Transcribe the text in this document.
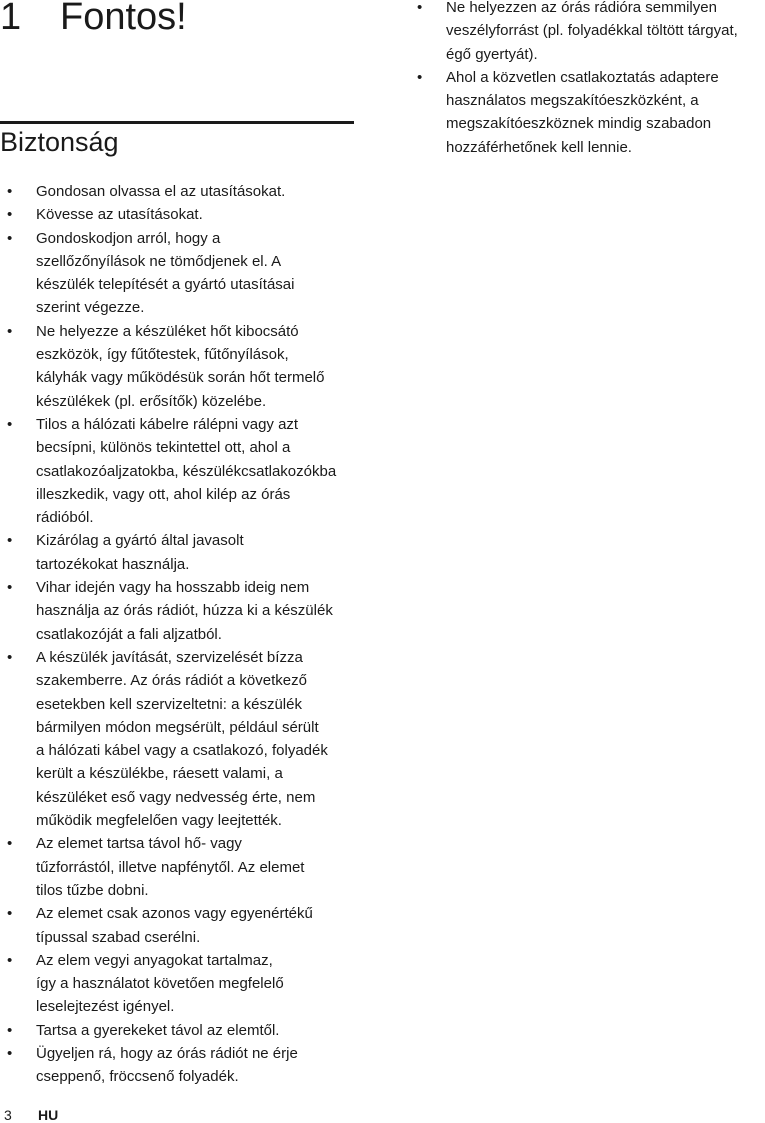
1 Fontos!
Biztonság
• Gondosan olvassa el az utasításokat.
• Kövesse az utasításokat.
• Gondoskodjon arról, hogy a
szellőzőnyílások ne tömődjenek el. A
készülék telepítését a gyártó utasításai
szerint végezze.
• Ne helyezze a készüléket hőt kibocsátó
eszközök, így fűtőtestek, fűtőnyílások,
kályhák vagy működésük során hőt termelő
készülékek (pl. erősítők) közelébe.
• Tilos a hálózati kábelre rálépni vagy azt
becsípni, különös tekintettel ott, ahol a
csatlakozóaljzatokba, készülékcsatlakozókba
illeszkedik, vagy ott, ahol kilép az órás
rádióból.
• Kizárólag a gyártó által javasolt
tartozékokat használja.
• Vihar idején vagy ha hosszabb ideig nem
használja az órás rádiót, húzza ki a készülék
csatlakozóját a fali aljzatból.
• A készülék javítását, szervizelését bízza
szakemberre. Az órás rádiót a következő
esetekben kell szervizeltetni: a készülék
bármilyen módon megsérült, például sérült
a hálózati kábel vagy a csatlakozó, folyadék
került a készülékbe, ráesett valami, a
készüléket eső vagy nedvesség érte, nem
működik megfelelően vagy leejtették.
• Az elemet tartsa távol hő- vagy
tűzforrástól, illetve napfénytől. Az elemet
tilos tűzbe dobni.
• Az elemet csak azonos vagy egyenértékű
típussal szabad cserélni.
• Az elem vegyi anyagokat tartalmaz,
így a használatot követően megfelelő
leselejtezést igényel.
• Tartsa a gyerekeket távol az elemtől.
• Ügyeljen rá, hogy az órás rádiót ne érje
cseppenő, fröccsenő folyadék.
• Ne helyezzen az órás rádióra semmilyen
veszélyforrást (pl. folyadékkal töltött tárgyat,
égő gyertyát).
• Ahol a közvetlen csatlakoztatás adaptere
használatos megszakítóeszközként, a
megszakítóeszköznek mindig szabadon
hozzáférhetőnek kell lennie.
3 HU
